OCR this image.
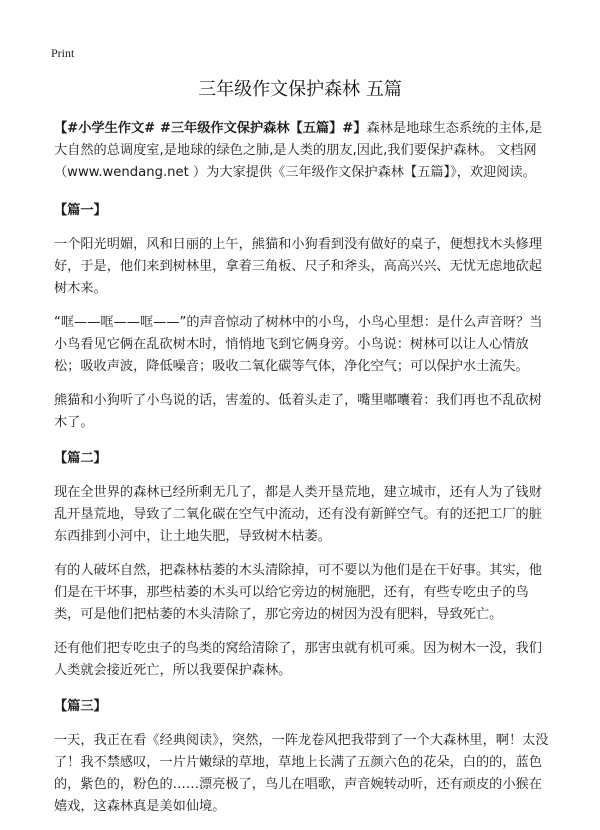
Print
三年级作文保护森林 五篇

【#小学生作文# #三年级作文保护森林【五篇】#】森林是地球生态系统的主体,是大自然的总调度室,是地球的绿色之肺,是人类的朋友,因此,我们要保护森林。 文档网（www.wendang.net ）为大家提供《三年级作文保护森林【五篇】》，欢迎阅读。

【篇一】

一个阳光明媚，风和日丽的上午，熊猫和小狗看到没有做好的桌子，便想找木头修理好，于是，他们来到树林里，拿着三角板、尺子和斧头，高高兴兴、无忧无虑地砍起树木来。

“哐——哐——哐——”的声音惊动了树林中的小鸟，小鸟心里想：是什么声音呀？当小鸟看见它俩在乱砍树木时，悄悄地飞到它俩身旁。小鸟说：树林可以让人心情放松；吸收声波，降低噪音；吸收二氧化碳等气体，净化空气；可以保护水土流失。

熊猫和小狗听了小鸟说的话，害羞的、低着头走了，嘴里嘟囔着：我们再也不乱砍树木了。

【篇二】

现在全世界的森林已经所剩无几了，都是人类开垦荒地，建立城市，还有人为了钱财乱开垦荒地，导致了二氧化碳在空气中流动，还有没有新鲜空气。有的还把工厂的脏东西排到小河中，让土地失肥，导致树木枯萎。

有的人破坏自然，把森林枯萎的木头清除掉，可不要以为他们是在干好事。其实，他们是在干坏事，那些枯萎的木头可以给它旁边的树施肥，还有，有些专吃虫子的鸟类，可是他们把枯萎的木头清除了，那它旁边的树因为没有肥料，导致死亡。

还有他们把专吃虫子的鸟类的窝给清除了，那害虫就有机可乘。因为树木一没，我们人类就会接近死亡，所以我要保护森林。

【篇三】

一天，我正在看《经典阅读》，突然，一阵龙卷风把我带到了一个大森林里，啊！太没了！我不禁感叹，一片片嫩绿的草地，草地上长满了五颜六色的花朵，白的的，蓝色的，紫色的，粉色的……漂亮极了，鸟儿在唱歌，声音婉转动听，还有顽皮的小猴在嬉戏，这森林真是美如仙境。
